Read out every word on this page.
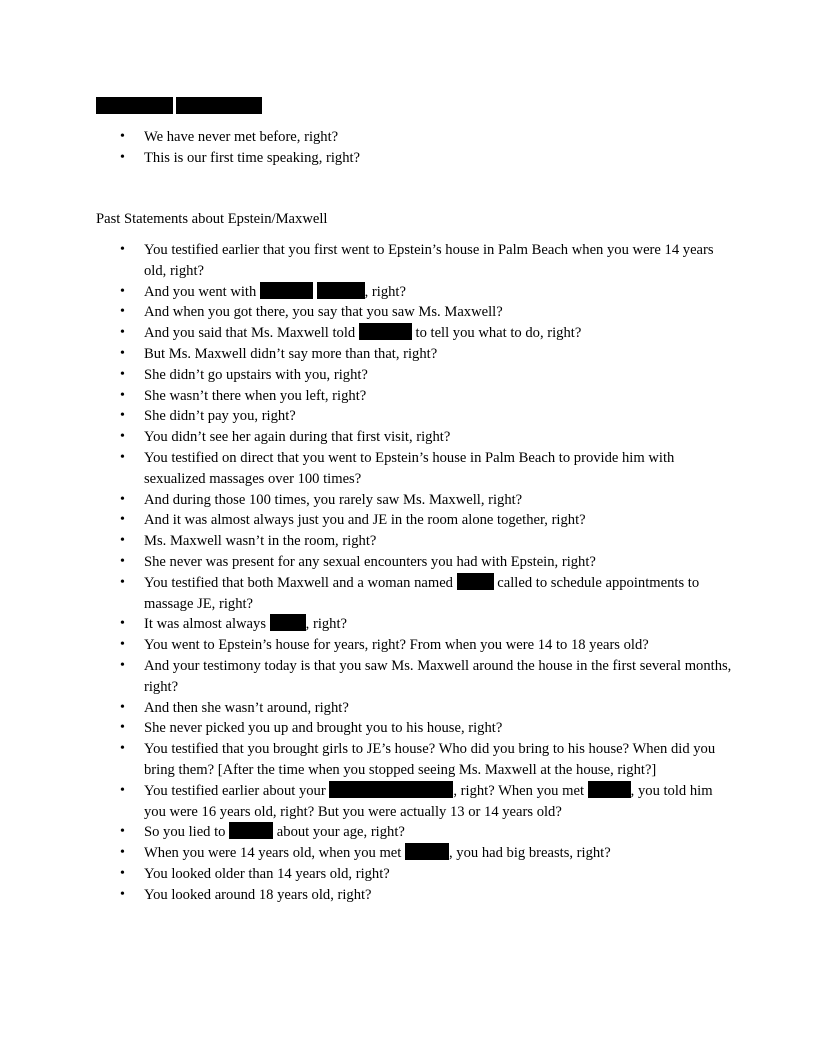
• We have never met before, right?
• This is our first time speaking, right?
Past Statements about Epstein/Maxwell
• You testified earlier that you first went to Epstein’s house in Palm Beach when you were 14 years old, right?
• And you went with	, right?
• And when you got there, you say that you saw Ms. Maxwell?
• And you said that Ms. Maxwell told	to tell you what to do, right?
• But Ms. Maxwell didn’t say more than that, right?
• She didn’t go upstairs with you, right?
• She wasn’t there when you left, right?
• She didn’t pay you, right?
• You didn’t see her again during that first visit, right?
• You testified on direct that you went to Epstein’s house in Palm Beach to provide him with sexualized massages over 100 times?
• And during those 100 times, you rarely saw Ms. Maxwell, right?
• And it was almost always just you and JE in the room alone together, right?
• Ms. Maxwell wasn’t in the room, right?
• She never was present for any sexual encounters you had with Epstein, right?
• You testified that both Maxwell and a woman named	called to schedule appointments to massage JE, right?
• It was almost always	, right?
• You went to Epstein’s house for years, right? From when you were 14 to 18 years old?
• And your testimony today is that you saw Ms. Maxwell around the house in the first several months, right?
• And then she wasn’t around, right?
• She never picked you up and brought you to his house, right?
• You testified that you brought girls to JE’s house? Who did you bring to his house? When did you bring them? [After the time when you stopped seeing Ms. Maxwell at the house, right?]
• You testified earlier about your	, right? When you met	, you told him you were 16 years old, right? But you were actually 13 or 14 years old?
• So you lied to	about your age, right?
• When you were 14 years old, when you met	, you had big breasts, right?
• You looked older than 14 years old, right?
• You looked around 18 years old, right?
